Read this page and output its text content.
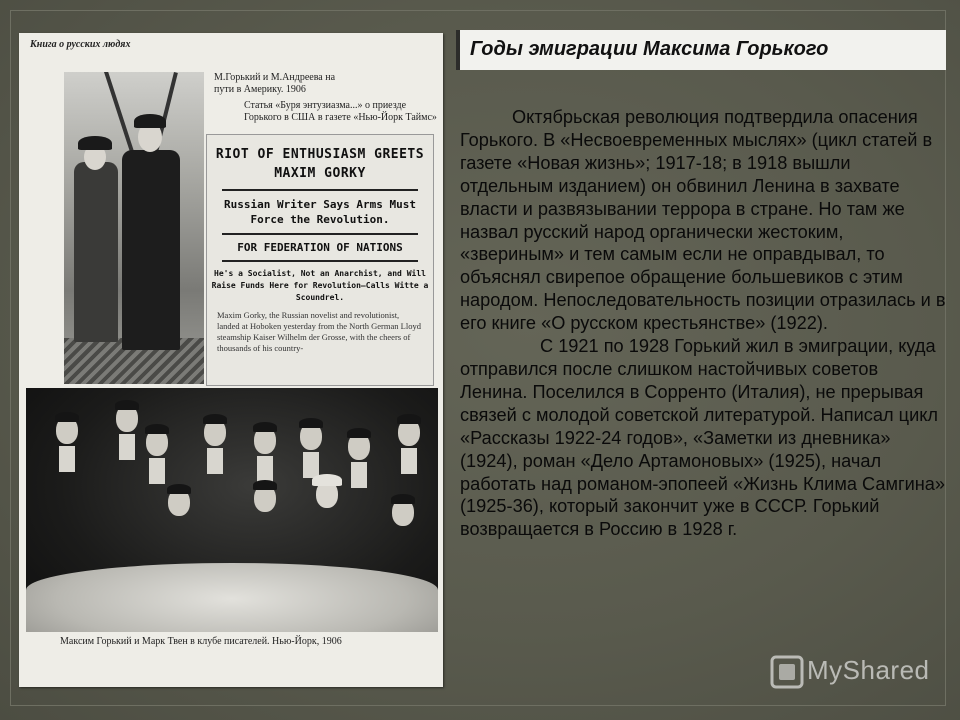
Годы эмиграции Максима Горького
Книга о русских людях
М.Горький и М.Андреева на пути в Америку. 1906
Статья «Буря энтузиазма...» о приезде Горького в США в газете «Нью-Йорк Таймс»
RIOT OF ENTHUSIASM GREETS MAXIM GORKY
Russian Writer Says Arms Must Force the Revolution.
FOR FEDERATION OF NATIONS
He's a Socialist, Not an Anarchist, and Will Raise Funds Here for Revolution—Calls Witte a Scoundrel.
Maxim Gorky, the Russian novelist and revolutionist, landed at Hoboken yesterday from the North German Lloyd steamship Kaiser Wilhelm der Grosse, with the cheers of thousands of his country-
Максим Горький и Марк Твен в клубе писателей. Нью-Йорк, 1906

Октябрьская революция подтвердила опасения Горького. В «Несвоевременных мыслях» (цикл статей в газете «Новая жизнь»; 1917-18; в 1918 вышли отдельным изданием) он обвинил Ленина в захвате власти и развязывании террора в стране. Но там же назвал русский народ органически жестоким, «звериным» и тем самым если не оправдывал, то объяснял свирепое обращение большевиков с этим народом. Непоследовательность позиции отразилась и в его книге «О русском крестьянстве» (1922).

С 1921 по 1928 Горький жил в эмиграции, куда отправился после слишком настойчивых советов Ленина. Поселился в Сорренто (Италия), не прерывая связей с молодой советской литературой. Написал цикл «Рассказы 1922-24 годов», «Заметки из дневника» (1924), роман «Дело Артамоновых» (1925), начал работать над романом-эпопеей «Жизнь Клима Самгина» (1925-36), который закончит уже в СССР. Горький возвращается в Россию в 1928 г.

MyShared
